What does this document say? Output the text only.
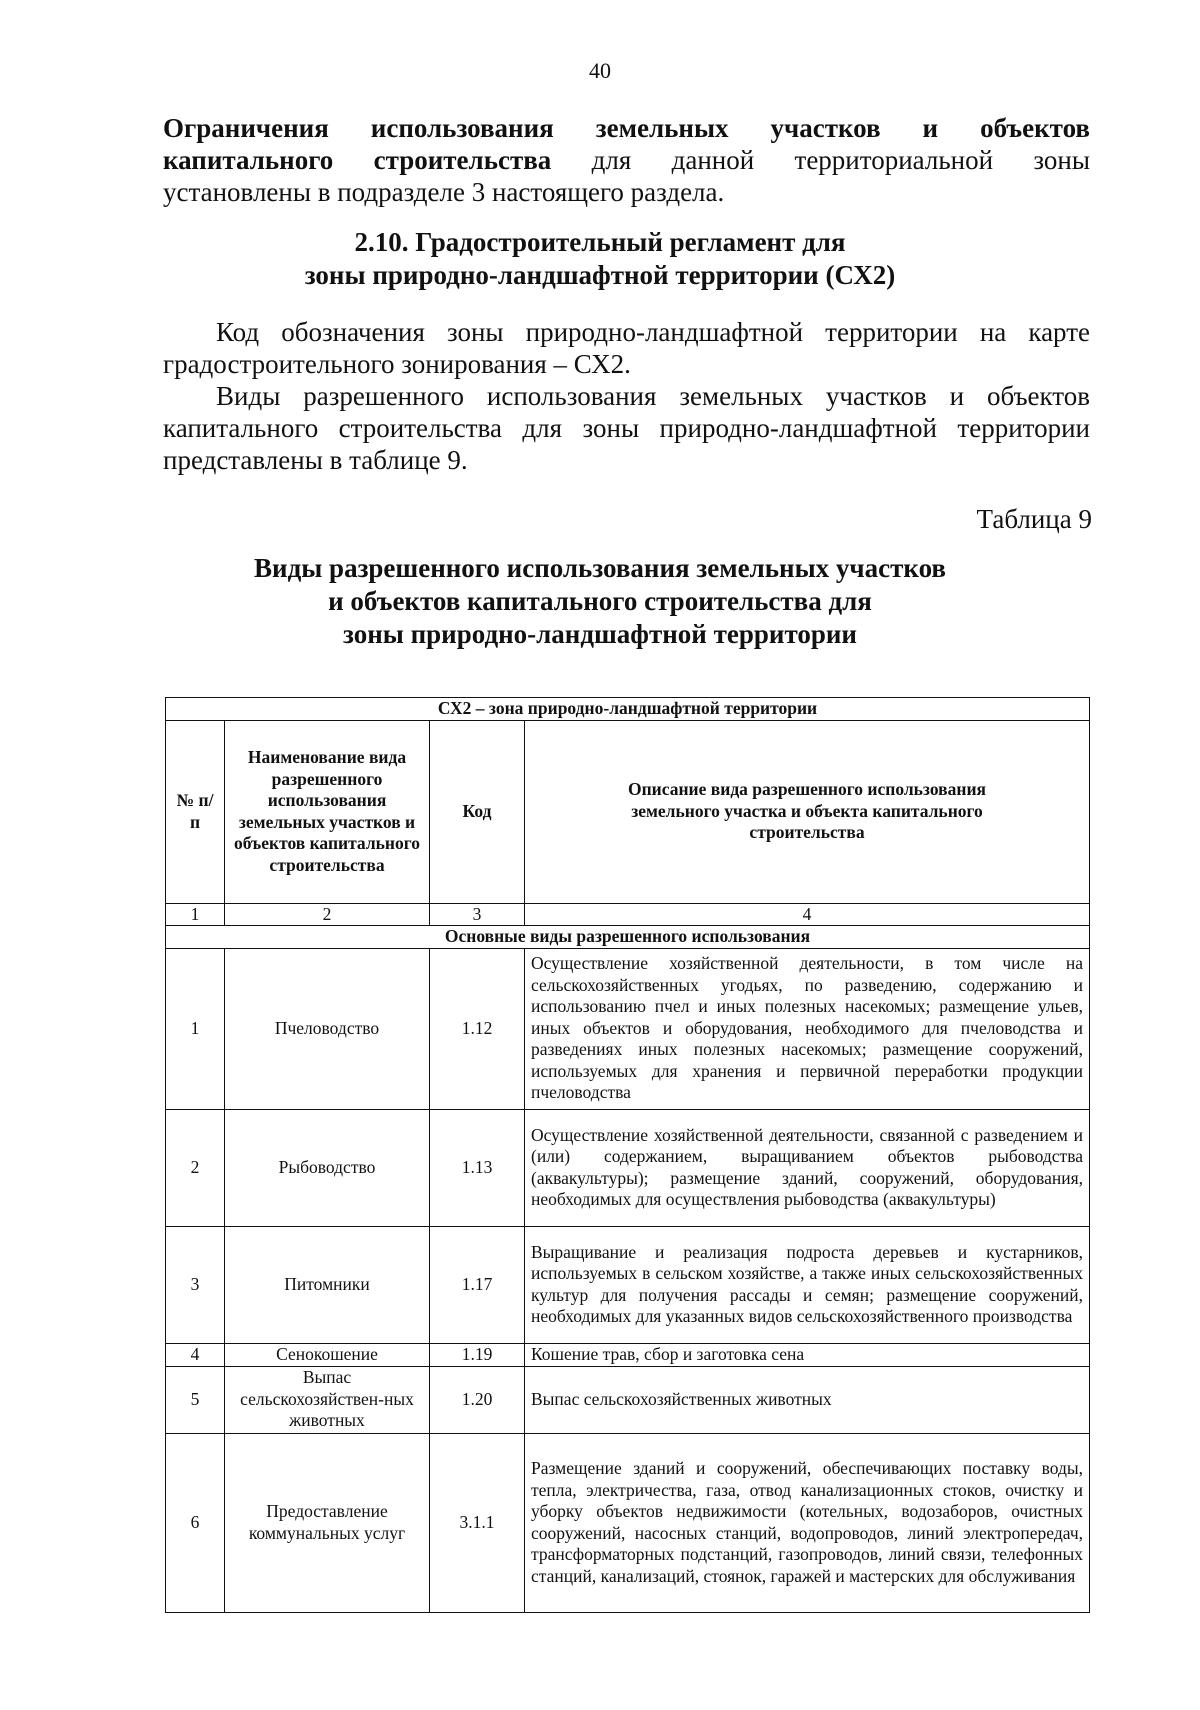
40
Ограничения использования земельных участков и объектов
капитального строительства для данной территориальной зоны
установлены в подразделе 3 настоящего раздела.
2.10. Градостроительный регламент для
зоны природно-ландшафтной территории (СХ2)
Код обозначения зоны природно-ландшафтной территории на карте
градостроительного зонирования – СХ2.
Виды разрешенного использования земельных участков и объектов
капитального строительства для зоны природно-ландшафтной территории
представлены в таблице 9.
Таблица 9
Виды разрешенного использования земельных участков
и объектов капитального строительства для
зоны природно-ландшафтной территории
СХ2 – зона природно-ландшафтной территории			
№ п/п	Наименование вида разрешенного использования земельных участков и объектов капитального строительства	Код	Описание вида разрешенного использования земельного участка и объекта капитального строительства
1	2	3	4
Основные виды разрешенного использования			
1	Пчеловодство	1.12	Осуществление хозяйственной деятельности, в том числе на сельскохозяйственных угодьях, по разведению, содержанию и использованию пчел и иных полезных насекомых; размещение ульев, иных объектов и оборудования, необходимого для пчеловодства и разведениях иных полезных насекомых; размещение сооружений, используемых для хранения и первичной переработки продукции пчеловодства
2	Рыбоводство	1.13	Осуществление хозяйственной деятельности, связанной с разведением и (или) содержанием, выращиванием объектов рыбоводства (аквакультуры); размещение зданий, сооружений, оборудования, необходимых для осуществления рыбоводства (аквакультуры)
3	Питомники	1.17	Выращивание и реализация подроста деревьев и кустарников, используемых в сельском хозяйстве, а также иных сельскохозяйственных культур для получения рассады и семян; размещение сооружений, необходимых для указанных видов сельскохозяйственного производства
4	Сенокошение	1.19	Кошение трав, сбор и заготовка сена
5	Выпас сельскохозяйствен-ных животных	1.20	Выпас сельскохозяйственных животных
6	Предоставление коммунальных услуг	3.1.1	Размещение зданий и сооружений, обеспечивающих поставку воды, тепла, электричества, газа, отвод канализационных стоков, очистку и уборку объектов недвижимости (котельных, водозаборов, очистных сооружений, насосных станций, водопроводов, линий электропередач, трансформаторных подстанций, газопроводов, линий связи, телефонных станций, канализаций, стоянок, гаражей и мастерских для обслуживания
